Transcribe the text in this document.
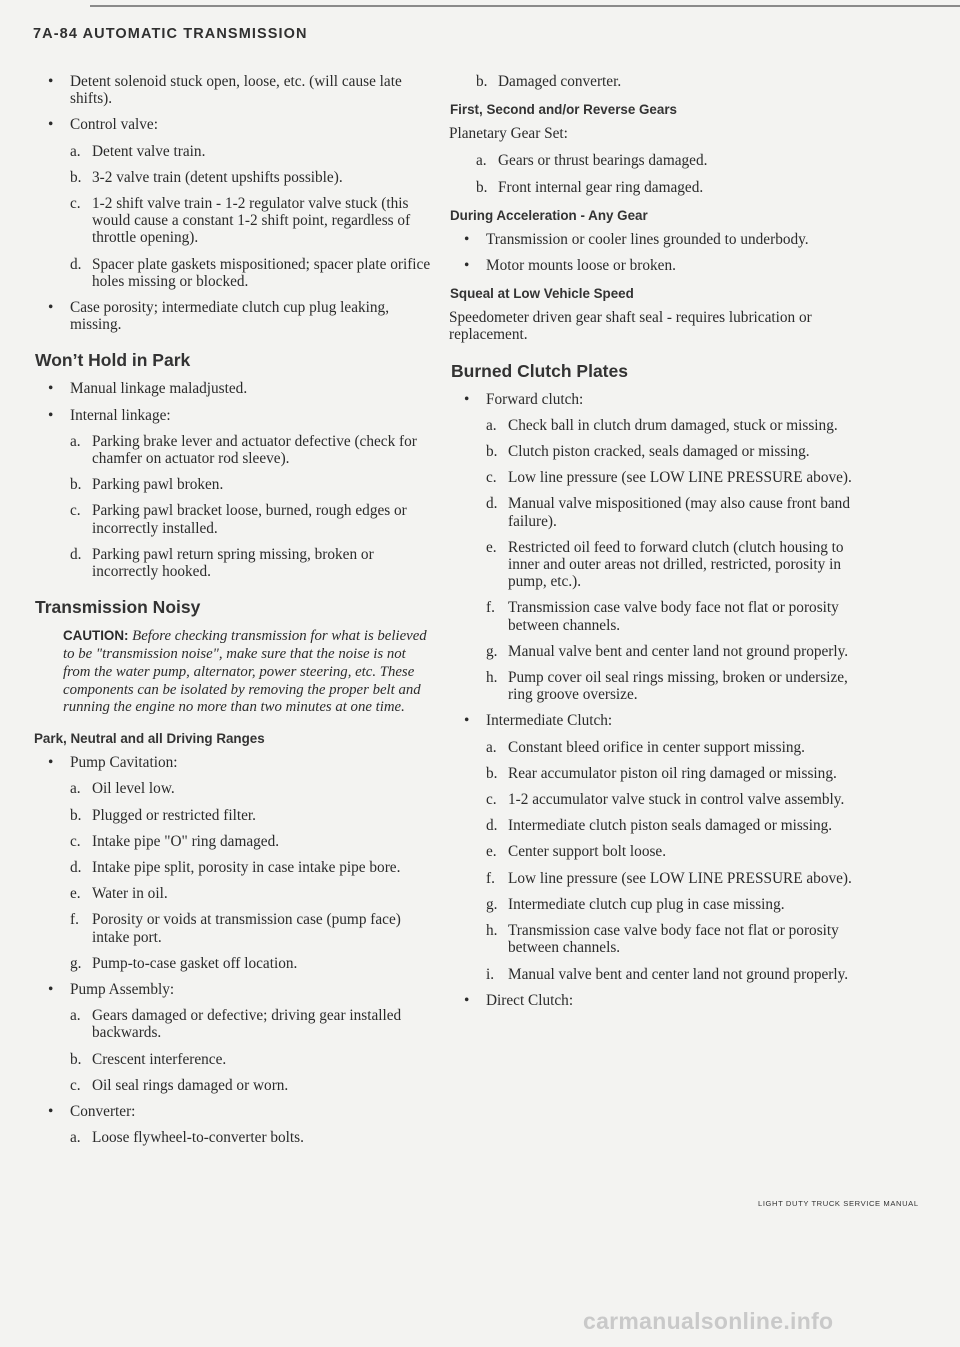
7A-84 AUTOMATIC TRANSMISSION
• Detent solenoid stuck open, loose, etc. (will cause late shifts).
• Control valve:
a. Detent valve train.
b. 3-2 valve train (detent upshifts possible).
c. 1-2 shift valve train - 1-2 regulator valve stuck (this would cause a constant 1-2 shift point, regardless of throttle opening).
d. Spacer plate gaskets mispositioned; spacer plate orifice holes missing or blocked.
• Case porosity; intermediate clutch cup plug leaking, missing.
Won’t Hold in Park
• Manual linkage maladjusted.
• Internal linkage:
a. Parking brake lever and actuator defective (check for chamfer on actuator rod sleeve).
b. Parking pawl broken.
c. Parking pawl bracket loose, burned, rough edges or incorrectly installed.
d. Parking pawl return spring missing, broken or incorrectly hooked.
Transmission Noisy
CAUTION: Before checking transmission for what is believed to be "transmission noise", make sure that the noise is not from the water pump, alternator, power steering, etc. These components can be isolated by removing the proper belt and running the engine no more than two minutes at one time.
Park, Neutral and all Driving Ranges
• Pump Cavitation:
a. Oil level low.
b. Plugged or restricted filter.
c. Intake pipe "O" ring damaged.
d. Intake pipe split, porosity in case intake pipe bore.
e. Water in oil.
f. Porosity or voids at transmission case (pump face) intake port.
g. Pump-to-case gasket off location.
• Pump Assembly:
a. Gears damaged or defective; driving gear installed backwards.
b. Crescent interference.
c. Oil seal rings damaged or worn.
• Converter:
a. Loose flywheel-to-converter bolts.
b. Damaged converter.
First, Second and/or Reverse Gears
Planetary Gear Set:
a. Gears or thrust bearings damaged.
b. Front internal gear ring damaged.
During Acceleration - Any Gear
• Transmission or cooler lines grounded to underbody.
• Motor mounts loose or broken.
Squeal at Low Vehicle Speed
Speedometer driven gear shaft seal - requires lubrication or replacement.
Burned Clutch Plates
• Forward clutch:
a. Check ball in clutch drum damaged, stuck or missing.
b. Clutch piston cracked, seals damaged or missing.
c. Low line pressure (see LOW LINE PRESSURE above).
d. Manual valve mispositioned (may also cause front band failure).
e. Restricted oil feed to forward clutch (clutch housing to inner and outer areas not drilled, restricted, porosity in pump, etc.).
f. Transmission case valve body face not flat or porosity between channels.
g. Manual valve bent and center land not ground properly.
h. Pump cover oil seal rings missing, broken or undersize, ring groove oversize.
• Intermediate Clutch:
a. Constant bleed orifice in center support missing.
b. Rear accumulator piston oil ring damaged or missing.
c. 1-2 accumulator valve stuck in control valve assembly.
d. Intermediate clutch piston seals damaged or missing.
e. Center support bolt loose.
f. Low line pressure (see LOW LINE PRESSURE above).
g. Intermediate clutch cup plug in case missing.
h. Transmission case valve body face not flat or porosity between channels.
i. Manual valve bent and center land not ground properly.
• Direct Clutch:
LIGHT DUTY TRUCK SERVICE MANUAL
carmanualsonline.info
